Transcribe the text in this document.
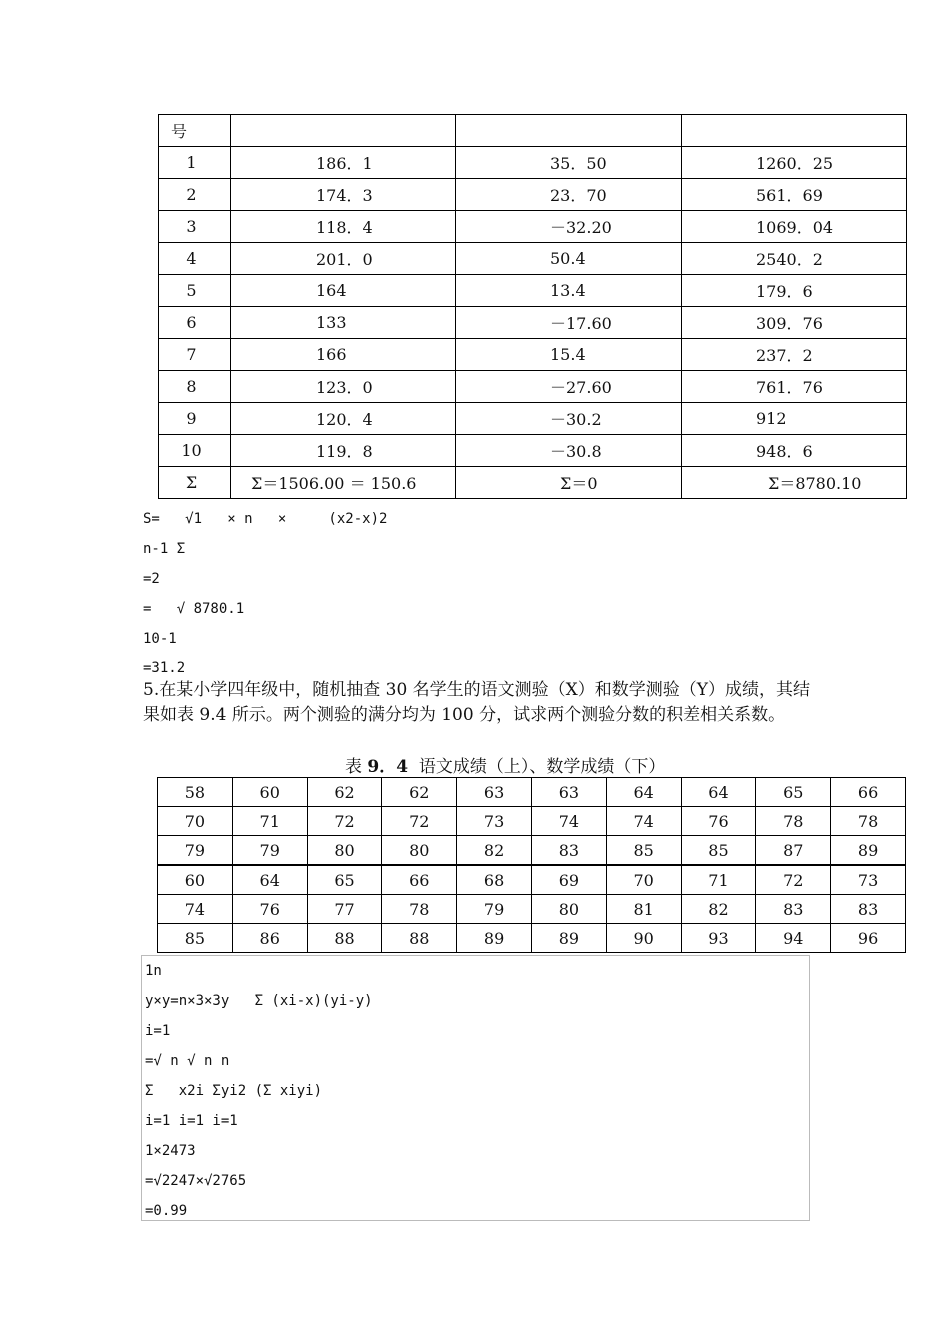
号			
1	186．1	35．50	1260．25
2	174．3	23．70	561．69
3	118．4	－32.20	1069．04
4	201．0	50.4	2540．2
5	164	13.4	179．6
6	133	－17.60	309．76
7	166	15.4	237．2
8	123．0	－27.60	761．76
9	120．4	－30.2	912
10	119．8	－30.8	948．6
Σ	Σ＝1506.00 ＝ 150.6	Σ＝0	Σ＝8780.10
S=   √1   × n   ×     (x2-x)2
n-1 Σ
=2
=   √ 8780.1
10-1
=31.2
5.在某小学四年级中，随机抽查 30 名学生的语文测验（X）和数学测验（Y）成绩，其结果如表 9.4 所示。两个测验的满分均为 100 分，试求两个测验分数的积差相关系数。
表 9．4 语文成绩（上）、数学成绩（下）
58	60	62	62	63	63	64	64	65	66
70	71	72	72	73	74	74	76	78	78
79	79	80	80	82	83	85	85	87	89
60	64	65	66	68	69	70	71	72	73
74	76	77	78	79	80	81	82	83	83
85	86	88	88	89	89	90	93	94	96
1n
y×y=n×3×3y   Σ (xi-x)(yi-y)
i=1
=√ n √ n n
Σ   x2i Σyi2 (Σ xiyi)
i=1 i=1 i=1
1×2473
=√2247×√2765
=0.99
